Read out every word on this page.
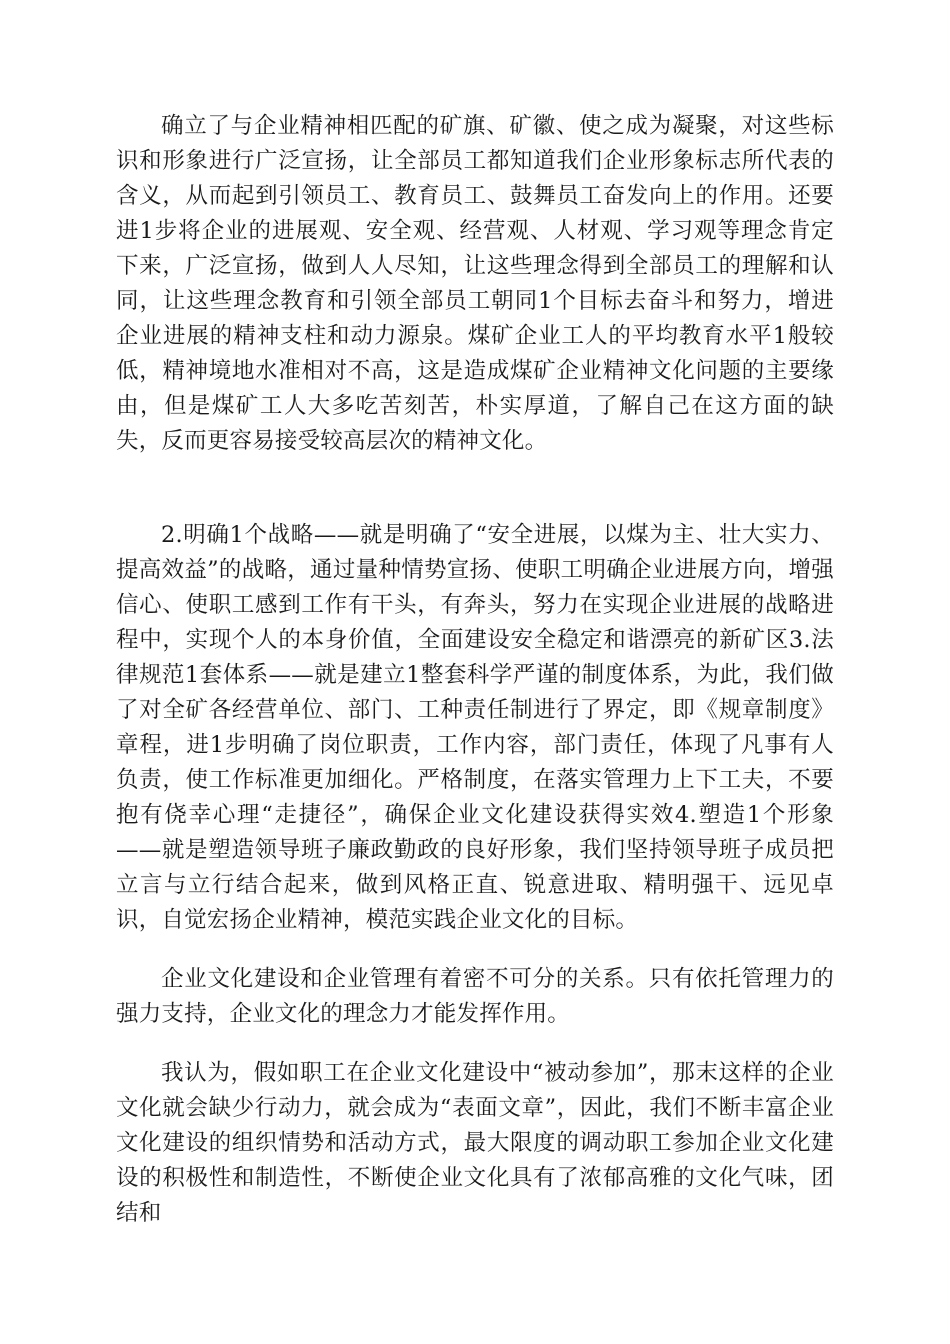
确立了与企业精神相匹配的矿旗、矿徽、使之成为凝聚，对这些标识和形象进行广泛宣扬，让全部员工都知道我们企业形象标志所代表的含义，从而起到引领员工、教育员工、鼓舞员工奋发向上的作用。还要进1步将企业的进展观、安全观、经营观、人材观、学习观等理念肯定下来，广泛宣扬，做到人人尽知，让这些理念得到全部员工的理解和认同，让这些理念教育和引领全部员工朝同1个目标去奋斗和努力，增进企业进展的精神支柱和动力源泉。煤矿企业工人的平均教育水平1般较低，精神境地水准相对不高，这是造成煤矿企业精神文化问题的主要缘由，但是煤矿工人大多吃苦刻苦，朴实厚道，了解自己在这方面的缺失，反而更容易接受较高层次的精神文化。

2.明确1个战略——就是明确了“安全进展，以煤为主、壮大实力、提高效益”的战略，通过量种情势宣扬、使职工明确企业进展方向，增强信心、使职工感到工作有干头，有奔头，努力在实现企业进展的战略进程中，实现个人的本身价值，全面建设安全稳定和谐漂亮的新矿区3.法律规范1套体系——就是建立1整套科学严谨的制度体系，为此，我们做了对全矿各经营单位、部门、工种责任制进行了界定，即《规章制度》章程，进1步明确了岗位职责，工作内容，部门责任，体现了凡事有人负责，使工作标准更加细化。严格制度，在落实管理力上下工夫，不要抱有侥幸心理“走捷径”，确保企业文化建设获得实效4.塑造1个形象——就是塑造领导班子廉政勤政的良好形象，我们坚持领导班子成员把立言与立行结合起来，做到风格正直、锐意进取、精明强干、远见卓识，自觉宏扬企业精神，模范实践企业文化的目标。

企业文化建设和企业管理有着密不可分的关系。只有依托管理力的强力支持，企业文化的理念力才能发挥作用。

我认为，假如职工在企业文化建设中“被动参加”，那末这样的企业文化就会缺少行动力，就会成为“表面文章”，因此，我们不断丰富企业文化建设的组织情势和活动方式，最大限度的调动职工参加企业文化建设的积极性和制造性，不断使企业文化具有了浓郁高雅的文化气味，团结和
